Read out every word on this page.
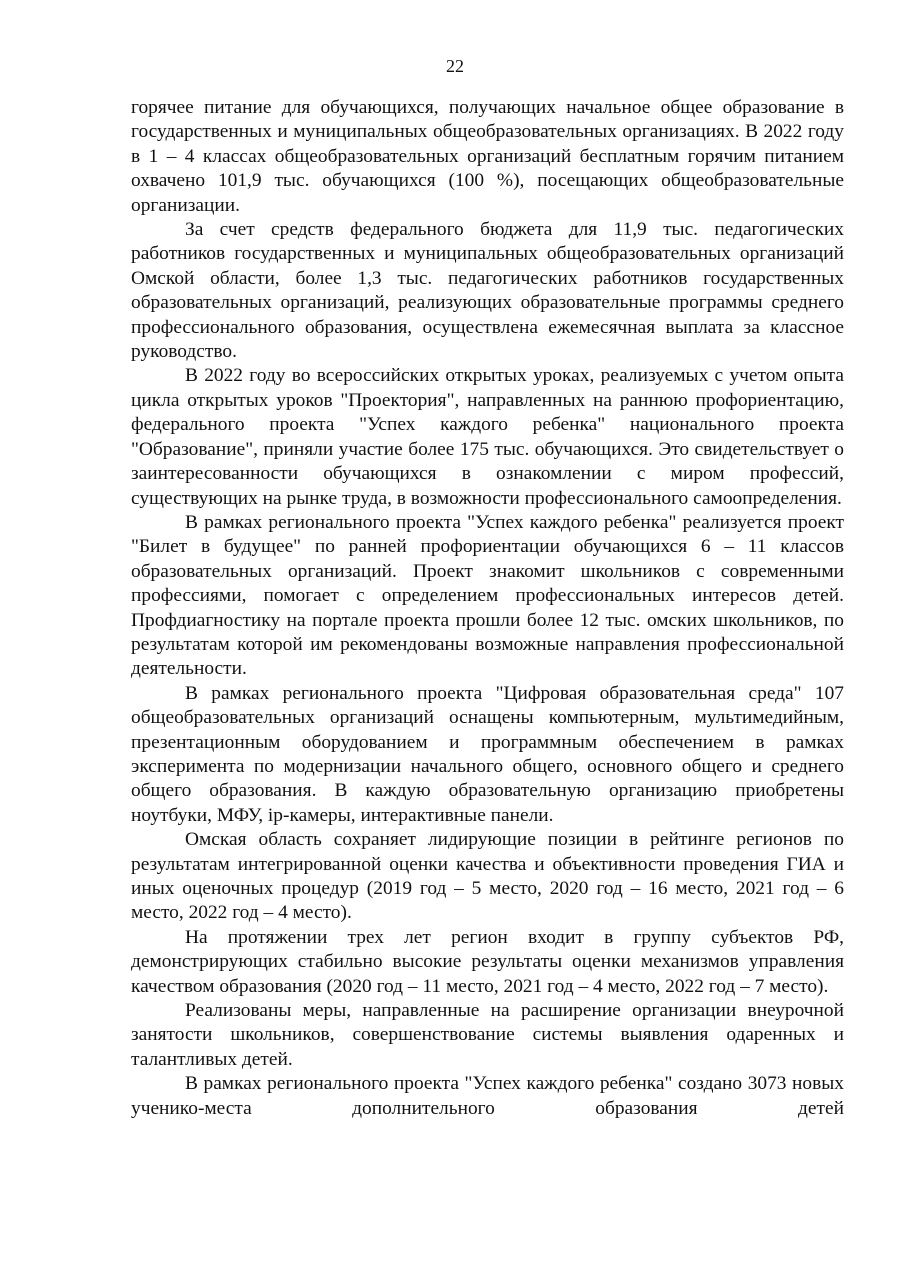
22

горячее питание для обучающихся, получающих начальное общее образование в государственных и муниципальных общеобразовательных организациях. В 2022 году в 1 – 4 классах общеобразовательных организаций бесплатным горячим питанием охвачено 101,9 тыс. обучающихся (100 %), посещающих общеобразовательные организации.

За счет средств федерального бюджета для 11,9 тыс. педагогических работников государственных и муниципальных общеобразовательных организаций Омской области, более 1,3 тыс. педагогических работников государственных образовательных организаций, реализующих образовательные программы среднего профессионального образования, осуществлена ежемесячная выплата за классное руководство.

В 2022 году во всероссийских открытых уроках, реализуемых с учетом опыта цикла открытых уроков "Проектория", направленных на раннюю профориентацию, федерального проекта "Успех каждого ребенка" национального проекта "Образование", приняли участие более 175 тыс. обучающихся. Это свидетельствует о заинтересованности обучающихся в ознакомлении с миром профессий, существующих на рынке труда, в возможности профессионального самоопределения.

В рамках регионального проекта "Успех каждого ребенка" реализуется проект "Билет в будущее" по ранней профориентации обучающихся 6 – 11 классов образовательных организаций. Проект знакомит школьников с современными профессиями, помогает с определением профессиональных интересов детей. Профдиагностику на портале проекта прошли более 12 тыс. омских школьников, по результатам которой им рекомендованы возможные направления профессиональной деятельности.

В рамках регионального проекта "Цифровая образовательная среда" 107 общеобразовательных организаций оснащены компьютерным, мультимедийным, презентационным оборудованием и программным обеспечением в рамках эксперимента по модернизации начального общего, основного общего и среднего общего образования. В каждую образовательную организацию приобретены ноутбуки, МФУ, ip-камеры, интерактивные панели.

Омская область сохраняет лидирующие позиции в рейтинге регионов по результатам интегрированной оценки качества и объективности проведения ГИА и иных оценочных процедур (2019 год – 5 место, 2020 год – 16 место, 2021 год – 6 место, 2022 год – 4 место).

На протяжении трех лет регион входит в группу субъектов РФ, демонстрирующих стабильно высокие результаты оценки механизмов управления качеством образования (2020 год – 11 место, 2021 год – 4 место, 2022 год – 7 место).

Реализованы меры, направленные на расширение организации внеурочной занятости школьников, совершенствование системы выявления одаренных и талантливых детей.

В рамках регионального проекта "Успех каждого ребенка" создано 3073 новых ученико-места дополнительного образования детей
